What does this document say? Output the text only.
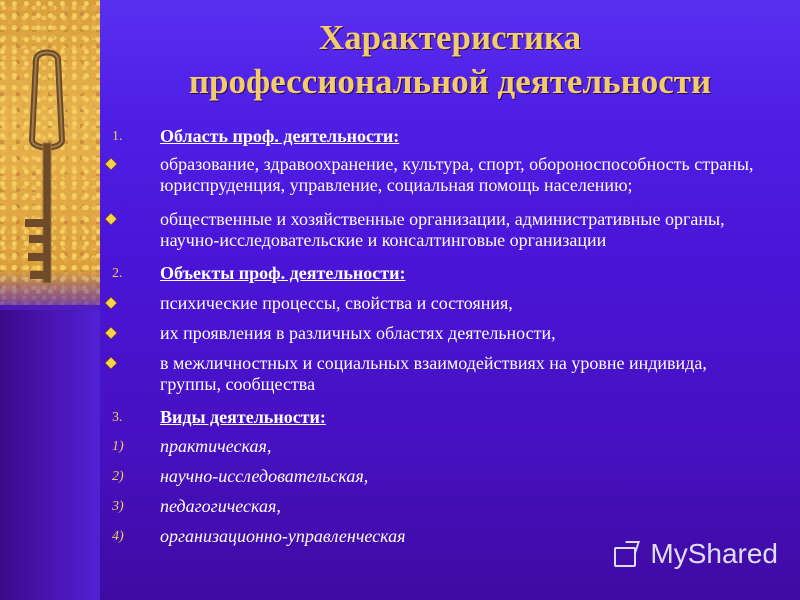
Характеристика
профессиональной деятельности
1.	Область проф. деятельности:
образование, здравоохранение, культура, спорт, обороноспособность страны, юриспруденция, управление, социальная помощь населению;
общественные и хозяйственные организации, административные органы, научно-исследовательские и консалтинговые организации
2.	Объекты проф. деятельности:
психические процессы, свойства и состояния,
их проявления в различных областях деятельности,
в межличностных и социальных взаимодействиях на уровне индивида, группы, сообщества
3.	Виды деятельности:
1)	практическая,
2)	научно-исследовательская,
3)	педагогическая,
4)	организационно-управленческая
MyShared
